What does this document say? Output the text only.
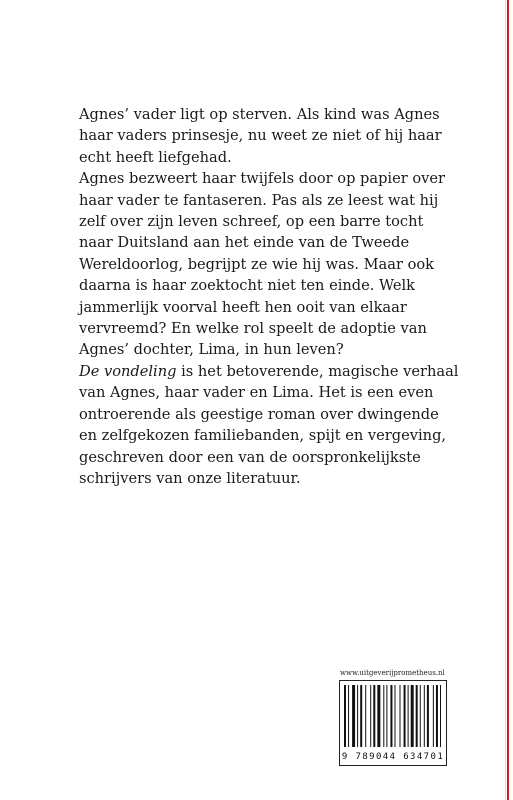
Agnes’ vader ligt op sterven. Als kind was Agnes haar vaders prinsesje, nu weet ze niet of hij haar echt heeft liefgehad.

Agnes bezweert haar twijfels door op papier over haar vader te fantaseren. Pas als ze leest wat hij zelf over zijn leven schreef, op een barre tocht naar Duitsland aan het einde van de Tweede Wereldoorlog, begrijpt ze wie hij was. Maar ook daarna is haar zoektocht niet ten einde. Welk jammerlijk voorval heeft hen ooit van elkaar vervreemd? En welke rol speelt de adoptie van Agnes’ dochter, Lima, in hun leven?

De vondeling is het betoverende, magische verhaal van Agnes, haar vader en Lima. Het is een even ontroerende als geestige roman over dwingende en zelfgekozen familiebanden, spijt en vergeving, geschreven door een van de oorspronkelijkste schrijvers van onze literatuur.

www.uitgeverijprometheus.nl
9 789044 634701
